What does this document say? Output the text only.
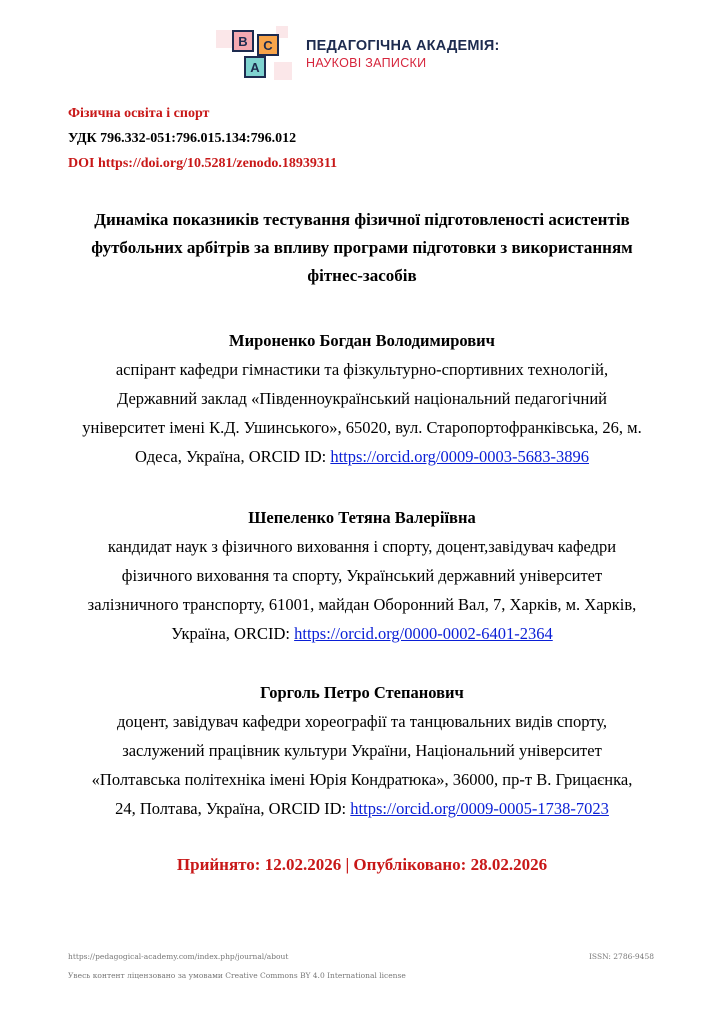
B	C
A
ПЕДАГОГІЧНА АКАДЕМІЯ:
НАУКОВІ ЗАПИСКИ
Фізична освіта і спорт
УДК 796.332-051:796.015.134:796.012
DOI https://doi.org/10.5281/zenodo.18939311
Динаміка показників тестування фізичної підготовленості асистентів
футбольних арбітрів за впливу програми підготовки з використанням
фітнес-засобів
Мироненко Богдан Володимирович
аспірант кафедри гімнастики та фізкультурно-спортивних технологій,
Державний заклад «Південноукраїнський національний педагогічний
університет імені К.Д. Ушинського», 65020, вул. Старопортофранківська, 26, м.
Одеса, Україна, ORCID ID: https://orcid.org/0009-0003-5683-3896
Шепеленко Тетяна Валеріївна
кандидат наук з фізичного виховання і спорту, доцент,завідувач кафедри
фізичного виховання та спорту, Український державний університет
залізничного транспорту, 61001, майдан Оборонний Вал, 7, Харків, м. Харків,
Україна, ORCID: https://orcid.org/0000-0002-6401-2364
Горголь Петро Степанович
доцент, завідувач кафедри хореографії та танцювальних видів спорту,
заслужений працівник культури України, Національний університет
«Полтавська політехніка імені Юрія Кондратюка», 36000, пр-т В. Грицаєнка,
24, Полтава, Україна, ORCID ID: https://orcid.org/0009-0005-1738-7023
Прийнято: 12.02.2026 | Опубліковано: 28.02.2026
https://pedagogical-academy.com/index.php/journal/about	ISSN: 2786-9458
Увесь контент ліцензовано за умовами Creative Commons BY 4.0 International license
